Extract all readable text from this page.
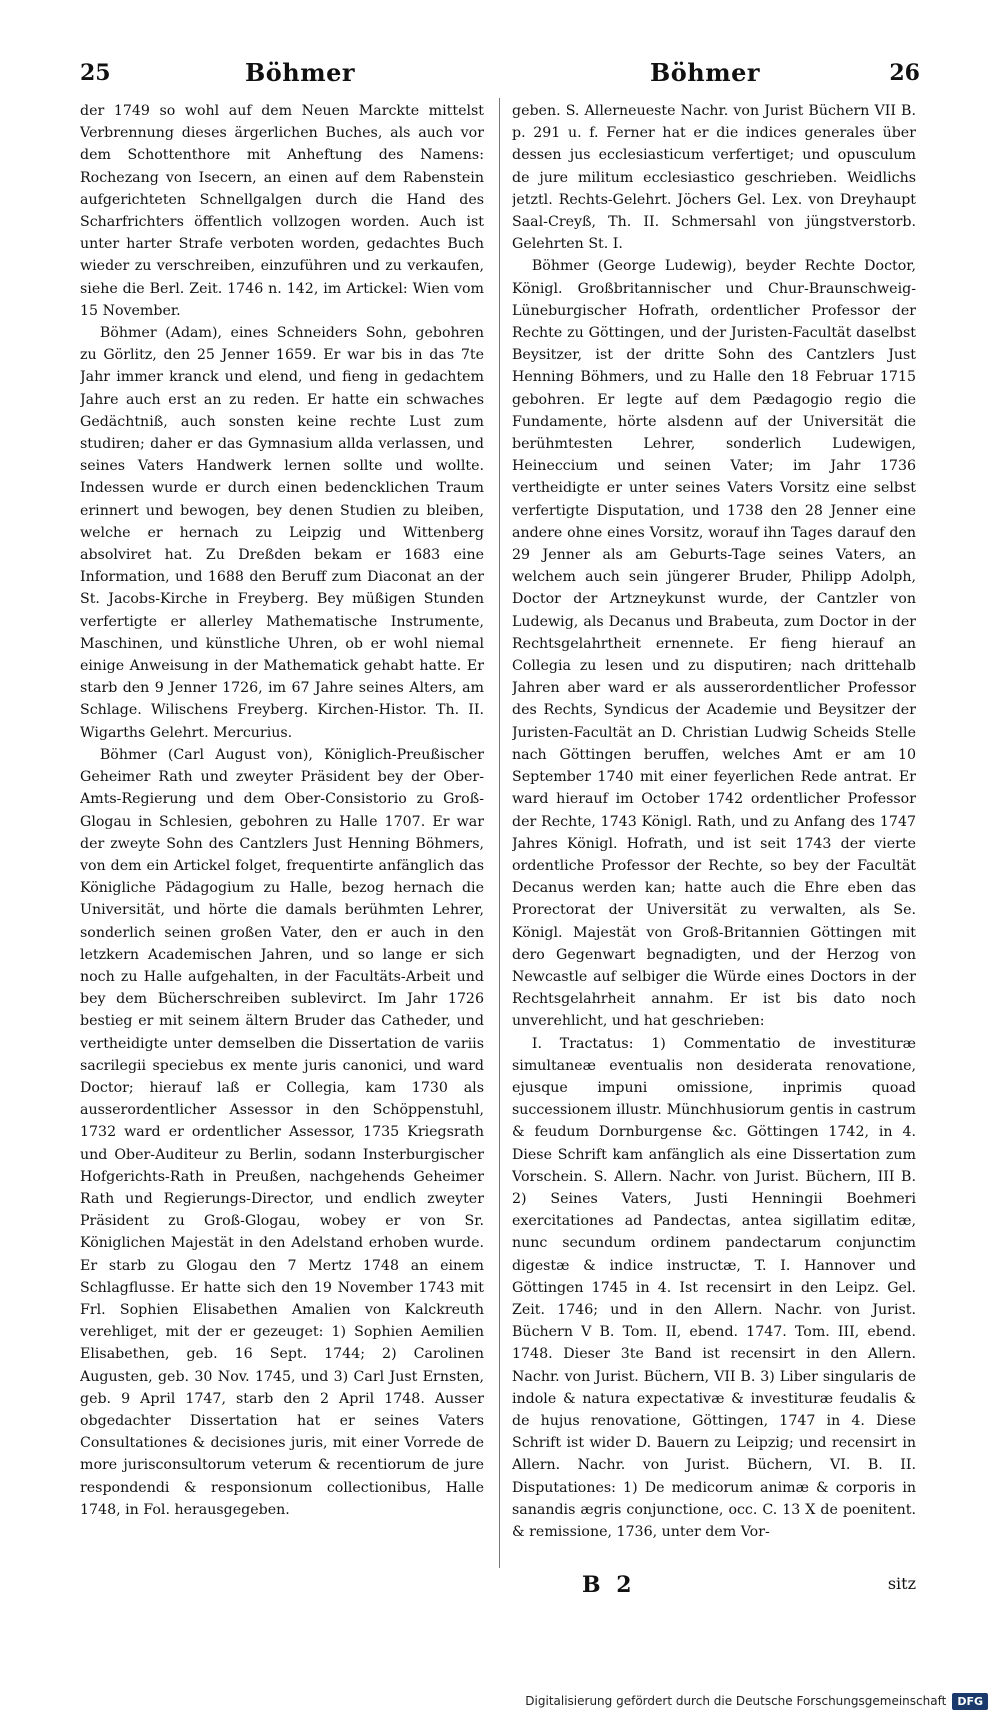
25	Böhmer	Böhmer	26

der 1749 so wohl auf dem Neuen Marckte mittelst Verbrennung dieses ärgerlichen Buches, als auch vor dem Schottenthore mit Anheftung des Namens: Rochezang von Isecern, an einen auf dem Rabenstein aufgerichteten Schnellgalgen durch die Hand des Scharfrichters öffentlich vollzogen worden. Auch ist unter harter Strafe verboten worden, gedachtes Buch wieder zu verschreiben, einzuführen und zu verkaufen, siehe die Berl. Zeit. 1746 n. 142, im Artickel: Wien vom 15 November.

Böhmer (Adam), eines Schneiders Sohn, gebohren zu Görlitz, den 25 Jenner 1659. Er war bis in das 7te Jahr immer kranck und elend, und fieng in gedachtem Jahre auch erst an zu reden. Er hatte ein schwaches Gedächtniß, auch sonsten keine rechte Lust zum studiren; daher er das Gymnasium allda verlassen, und seines Vaters Handwerk lernen sollte und wollte. Indessen wurde er durch einen bedencklichen Traum erinnert und bewogen, bey denen Studien zu bleiben, welche er hernach zu Leipzig und Wittenberg absolviret hat. Zu Dreßden bekam er 1683 eine Information, und 1688 den Beruff zum Diaconat an der St. Jacobs-Kirche in Freyberg. Bey müßigen Stunden verfertigte er allerley Mathematische Instrumente, Maschinen, und künstliche Uhren, ob er wohl niemal einige Anweisung in der Mathematick gehabt hatte. Er starb den 9 Jenner 1726, im 67 Jahre seines Alters, am Schlage. Wilischens Freyberg. Kirchen-Histor. Th. II. Wigarths Gelehrt. Mercurius.

Böhmer (Carl August von), Königlich-Preußischer Geheimer Rath und zweyter Präsident bey der Ober-Amts-Regierung und dem Ober-Consistorio zu Groß-Glogau in Schlesien, gebohren zu Halle 1707. Er war der zweyte Sohn des Cantzlers Just Henning Böhmers, von dem ein Artickel folget, frequentirte anfänglich das Königliche Pädagogium zu Halle, bezog hernach die Universität, und hörte die damals berühmten Lehrer, sonderlich seinen großen Vater, den er auch in den letzkern Academischen Jahren, und so lange er sich noch zu Halle aufgehalten, in der Facultäts-Arbeit und bey dem Bücherschreiben sublevirct. Im Jahr 1726 bestieg er mit seinem ältern Bruder das Catheder, und vertheidigte unter demselben die Dissertation de variis sacrilegii speciebus ex mente juris canonici, und ward Doctor; hierauf laß er Collegia, kam 1730 als ausserordentlicher Assessor in den Schöppenstuhl, 1732 ward er ordentlicher Assessor, 1735 Kriegsrath und Ober-Auditeur zu Berlin, sodann Insterburgischer Hofgerichts-Rath in Preußen, nachgehends Geheimer Rath und Regierungs-Director, und endlich zweyter Präsident zu Groß-Glogau, wobey er von Sr. Königlichen Majestät in den Adelstand erhoben wurde. Er starb zu Glogau den 7 Mertz 1748 an einem Schlagflusse. Er hatte sich den 19 November 1743 mit Frl. Sophien Elisabethen Amalien von Kalckreuth verehliget, mit der er gezeuget: 1) Sophien Aemilien Elisabethen, geb. 16 Sept. 1744; 2) Carolinen Augusten, geb. 30 Nov. 1745, und 3) Carl Just Ernsten, geb. 9 April 1747, starb den 2 April 1748. Ausser obgedachter Dissertation hat er seines Vaters Consultationes & decisiones juris, mit einer Vorrede de more jurisconsultorum veterum & recentiorum de jure respondendi & responsionum collectionibus, Halle 1748, in Fol. herausgegeben.

geben. S. Allerneueste Nachr. von Jurist Büchern VII B. p. 291 u. f. Ferner hat er die indices generales über dessen jus ecclesiasticum verfertiget; und opusculum de jure militum ecclesiastico geschrieben. Weidlichs jetztl. Rechts-Gelehrt. Jöchers Gel. Lex. von Dreyhaupt Saal-Creyß, Th. II. Schmersahl von jüngstverstorb. Gelehrten St. I.

Böhmer (George Ludewig), beyder Rechte Doctor, Königl. Großbritannischer und Chur-Braunschweig-Lüneburgischer Hofrath, ordentlicher Professor der Rechte zu Göttingen, und der Juristen-Facultät daselbst Beysitzer, ist der dritte Sohn des Cantzlers Just Henning Böhmers, und zu Halle den 18 Februar 1715 gebohren. Er legte auf dem Pædagogio regio die Fundamente, hörte alsdenn auf der Universität die berühmtesten Lehrer, sonderlich Ludewigen, Heineccium und seinen Vater; im Jahr 1736 vertheidigte er unter seines Vaters Vorsitz eine selbst verfertigte Disputation, und 1738 den 28 Jenner eine andere ohne eines Vorsitz, worauf ihn Tages darauf den 29 Jenner als am Geburts-Tage seines Vaters, an welchem auch sein jüngerer Bruder, Philipp Adolph, Doctor der Artzneykunst wurde, der Cantzler von Ludewig, als Decanus und Brabeuta, zum Doctor in der Rechtsgelahrtheit ernennete. Er fieng hierauf an Collegia zu lesen und zu disputiren; nach drittehalb Jahren aber ward er als ausserordentlicher Professor des Rechts, Syndicus der Academie und Beysitzer der Juristen-Facultät an D. Christian Ludwig Scheids Stelle nach Göttingen beruffen, welches Amt er am 10 September 1740 mit einer feyerlichen Rede antrat. Er ward hierauf im October 1742 ordentlicher Professor der Rechte, 1743 Königl. Rath, und zu Anfang des 1747 Jahres Königl. Hofrath, und ist seit 1743 der vierte ordentliche Professor der Rechte, so bey der Facultät Decanus werden kan; hatte auch die Ehre eben das Prorectorat der Universität zu verwalten, als Se. Königl. Majestät von Groß-Britannien Göttingen mit dero Gegenwart begnadigten, und der Herzog von Newcastle auf selbiger die Würde eines Doctors in der Rechtsgelahrheit annahm. Er ist bis dato noch unverehlicht, und hat geschrieben:

I. Tractatus: 1) Commentatio de investituræ simultaneæ eventualis non desiderata renovatione, ejusque impuni omissione, inprimis quoad successionem illustr. Münchhusiorum gentis in castrum & feudum Dornburgense &c. Göttingen 1742, in 4. Diese Schrift kam anfänglich als eine Dissertation zum Vorschein. S. Allern. Nachr. von Jurist. Büchern, III B. 2) Seines Vaters, Justi Henningii Boehmeri exercitationes ad Pandectas, antea sigillatim editæ, nunc secundum ordinem pandectarum conjunctim digestæ & indice instructæ, T. I. Hannover und Göttingen 1745 in 4. Ist recensirt in den Leipz. Gel. Zeit. 1746; und in den Allern. Nachr. von Jurist. Büchern V B. Tom. II, ebend. 1747. Tom. III, ebend. 1748. Dieser 3te Band ist recensirt in den Allern. Nachr. von Jurist. Büchern, VII B. 3) Liber singularis de indole & natura expectativæ & investituræ feudalis & de hujus renovatione, Göttingen, 1747 in 4. Diese Schrift ist wider D. Bauern zu Leipzig; und recensirt in Allern. Nachr. von Jurist. Büchern, VI. B. II. Disputationes: 1) De medicorum animæ & corporis in sanandis ægris conjunctione, occ. C. 13 X de poenitent. & remissione, 1736, unter dem Vor-

B 2	sitz
Digitalisierung gefördert durch die Deutsche Forschungsgemeinschaft	DFG
